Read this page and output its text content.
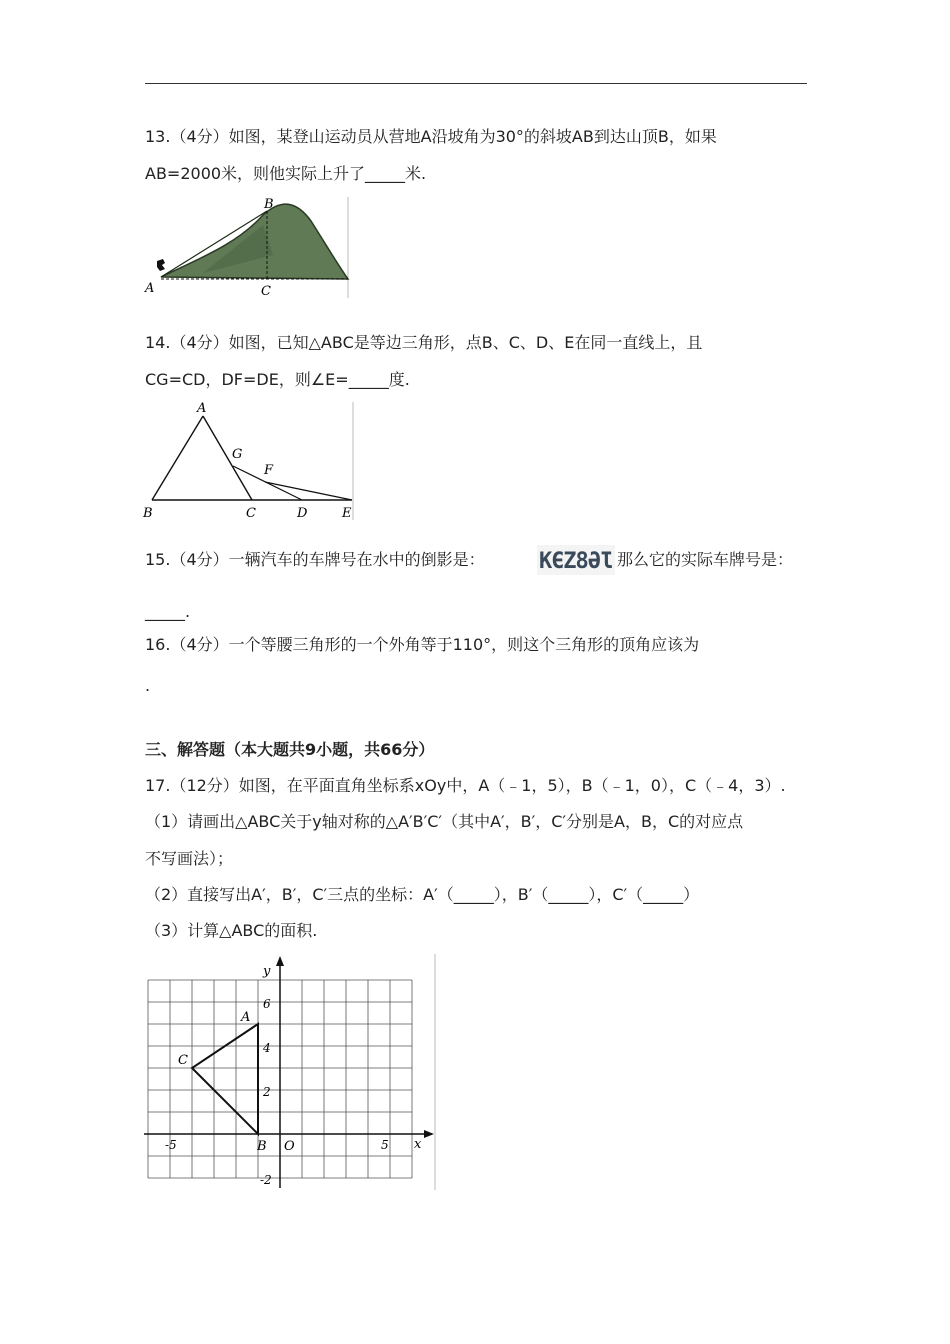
13.（4分）如图，某登山运动员从营地A沿坡角为30°的斜坡AB到达山顶B，如果
AB=2000米，则他实际上升了_____米.
A
B
C
14.（4分）如图，已知△ABC是等边三角形，点B、C、D、E在同一直线上，且
CG=CD，DF=DE，则∠E=_____度.
A
B	C	D	E
F
G
15.（4分）一辆汽车的车牌号在水中的倒影是： KЄZ8ƏƖ 那么它的实际车牌号是：
_____.
16.（4分）一个等腰三角形的一个外角等于110°，则这个三角形的顶角应该为
.
三、解答题（本大题共9小题，共66分）
17.（12分）如图，在平面直角坐标系xOy中，A（﹣1，5），B（﹣1，0），C（﹣4，3）.
（1）请画出△ABC关于y轴对称的△A′B′C′（其中A′，B′，C′分别是A，B，C的对应点
不写画法）；
（2）直接写出A′，B′，C′三点的坐标：A′（_____），B′（_____），C′（_____）
（3）计算△ABC的面积.
y
x
O
6
4
2
-2
-5	5
A
B
C
